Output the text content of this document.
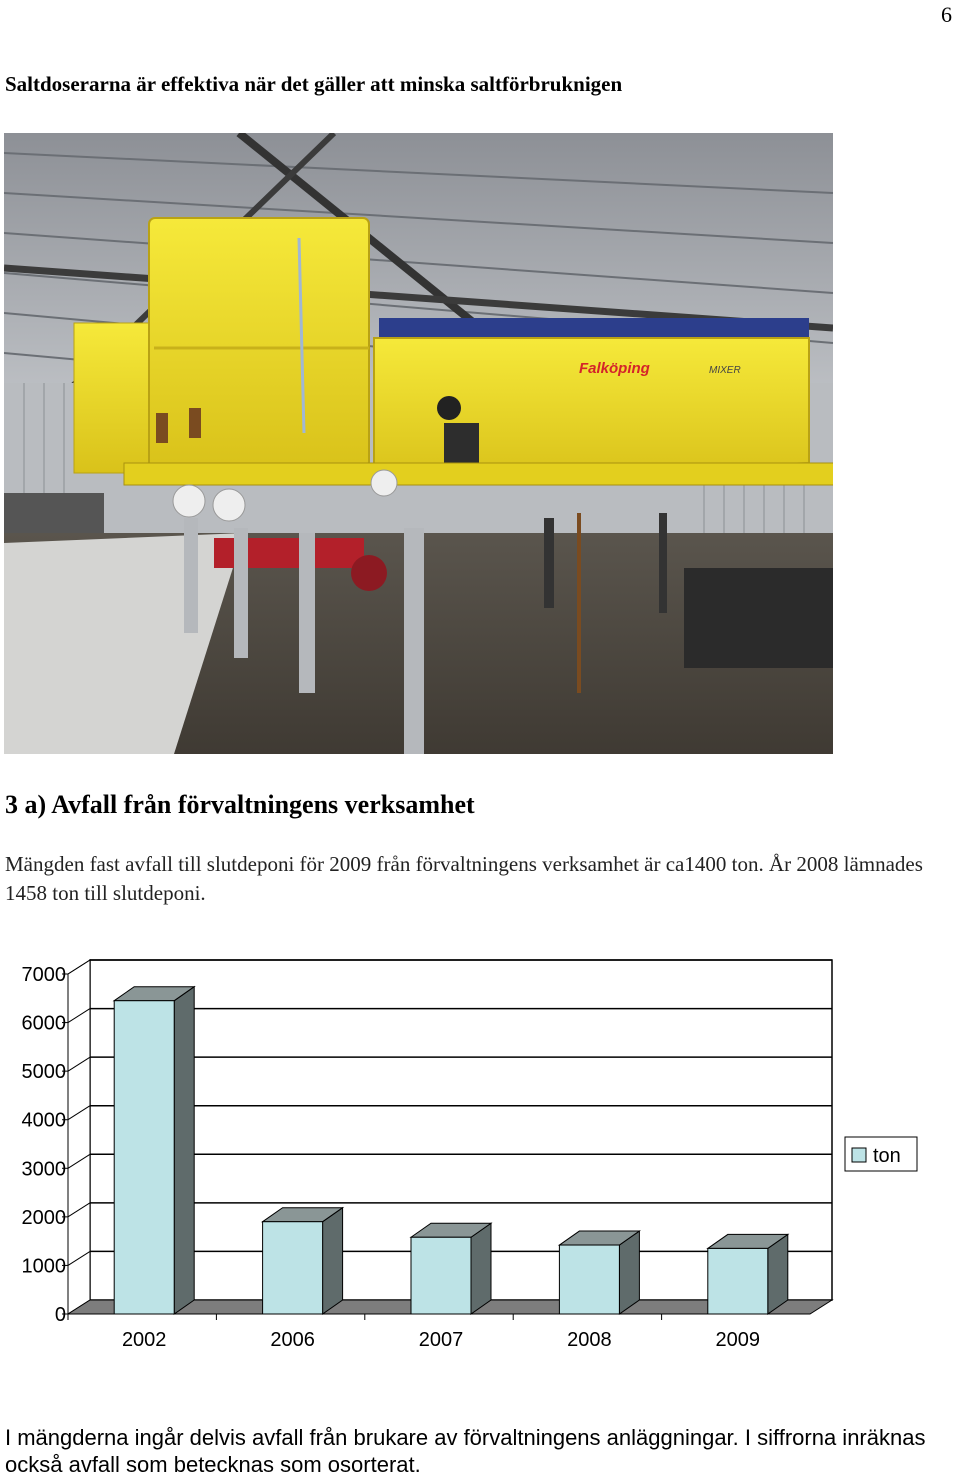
6
Saltdoserarna är effektiva när det gäller att minska saltförbruknigen
Falköping	MIXER
3 a) Avfall från förvaltningens verksamhet
Mängden fast avfall till slutdeponi för 2009 från förvaltningens verksamhet är ca1400 ton. År 2008 lämnades 1458 ton till slutdeponi.
0
1000
2000
3000
4000
5000
6000
7000
2002	2006	2007	2008	2009
ton
I mängderna ingår delvis avfall från brukare av förvaltningens anläggningar. I siffrorna inräknas också avfall som betecknas som osorterat.
